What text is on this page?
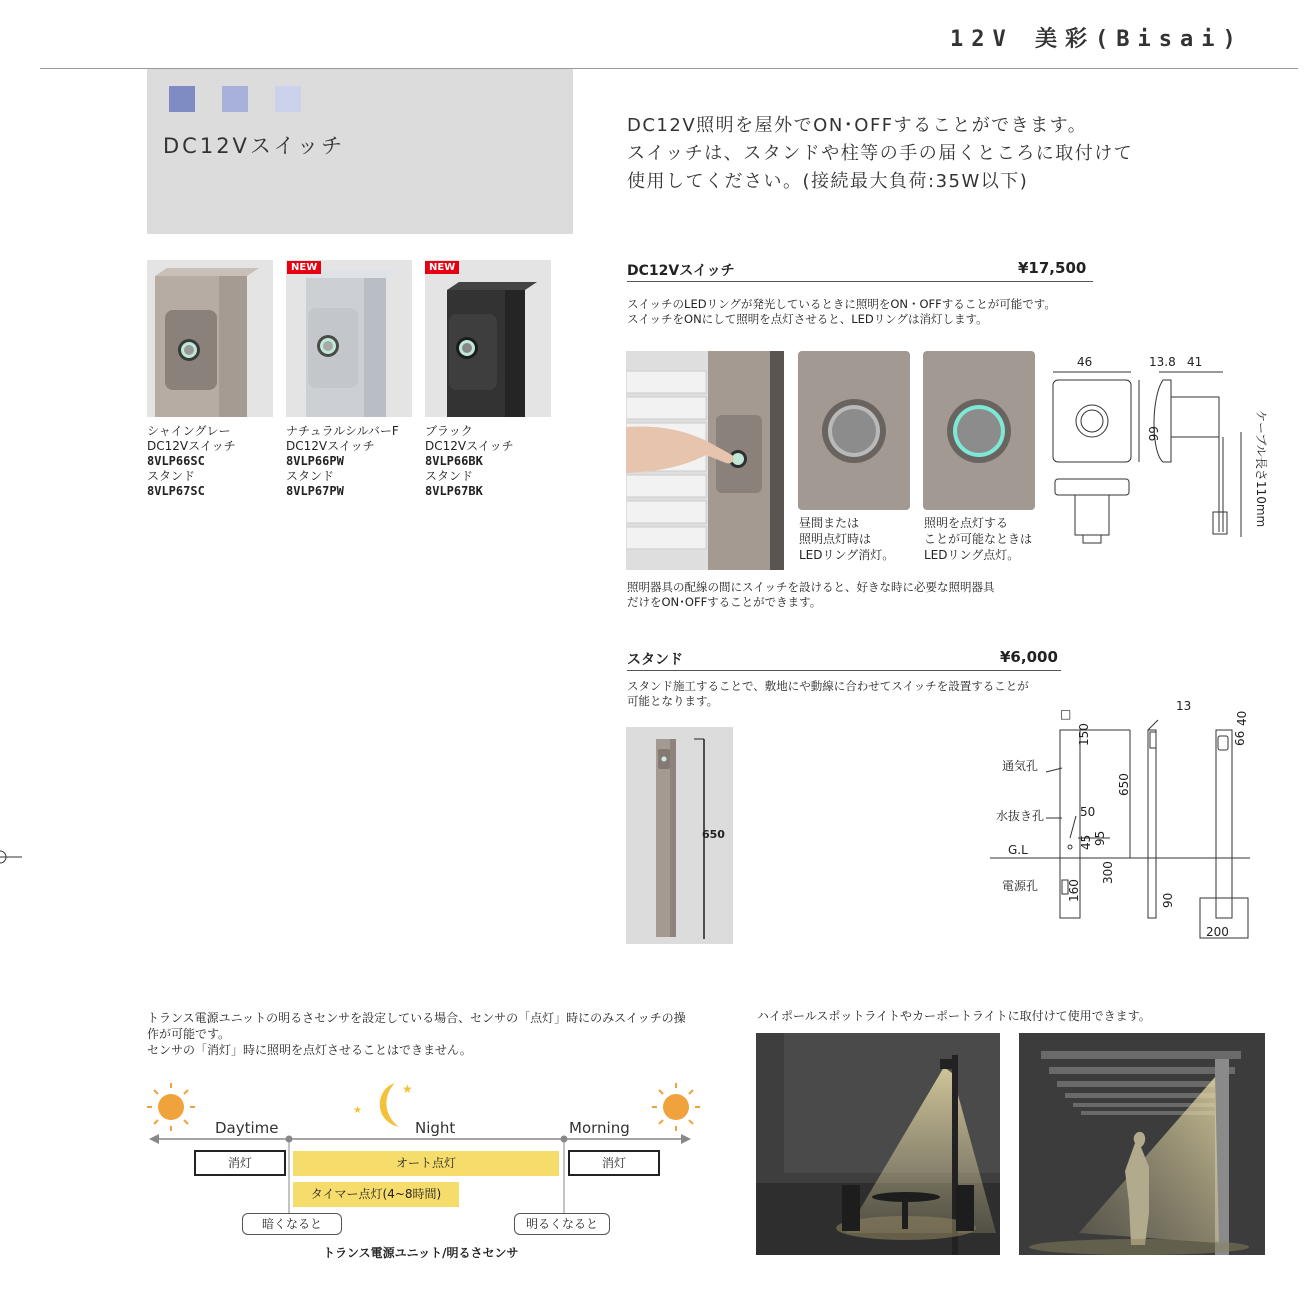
12V 美彩(Bisai)
DC12Vスイッチ
DC12V照明を屋外でON･OFFすることができます。
スイッチは、スタンドや柱等の手の届くところに取付けて
使用してください。(接続最大負荷:35W以下)
NEW	NEW
シャイングレー
DC12Vスイッチ
8VLP66SC
スタンド
8VLP67SC
ナチュラルシルバーF
DC12Vスイッチ
8VLP66PW
スタンド
8VLP67PW
ブラック
DC12Vスイッチ
8VLP66BK
スタンド
8VLP67BK
DC12Vスイッチ	¥17,500
スイッチのLEDリングが発光しているときに照明をON・OFFすることが可能です。
スイッチをONにして照明を点灯させると、LEDリングは消灯します。
昼間または
照明点灯時は
LEDリング消灯。
照明を点灯する
ことが可能なときは
LEDリング点灯。
46
66
13.8 41
ケーブル長さ110mm
照明器具の配線の間にスイッチを設けると、好きな時に必要な照明器具
だけをON･OFFすることができます。
スタンド	¥6,000
スタンド施工することで、敷地にや動線に合わせてスイッチを設置することが
可能となります。
650
□
13
40
66
150
650
50
45 95
300
160	90
200
通気孔
水抜き孔
G.L
電源孔
トランス電源ユニットの明るさセンサを設定している場合、センサの「点灯」時にのみスイッチの操
作が可能です。
センサの「消灯」時に照明を点灯させることはできません。
★
★
Daytime	Night	Morning
消灯	オート点灯	消灯
タイマー点灯(4~8時間)
暗くなると	明るくなると
トランス電源ユニット/明るさセンサ
ハイポールスポットライトやカーポートライトに取付けて使用できます。
